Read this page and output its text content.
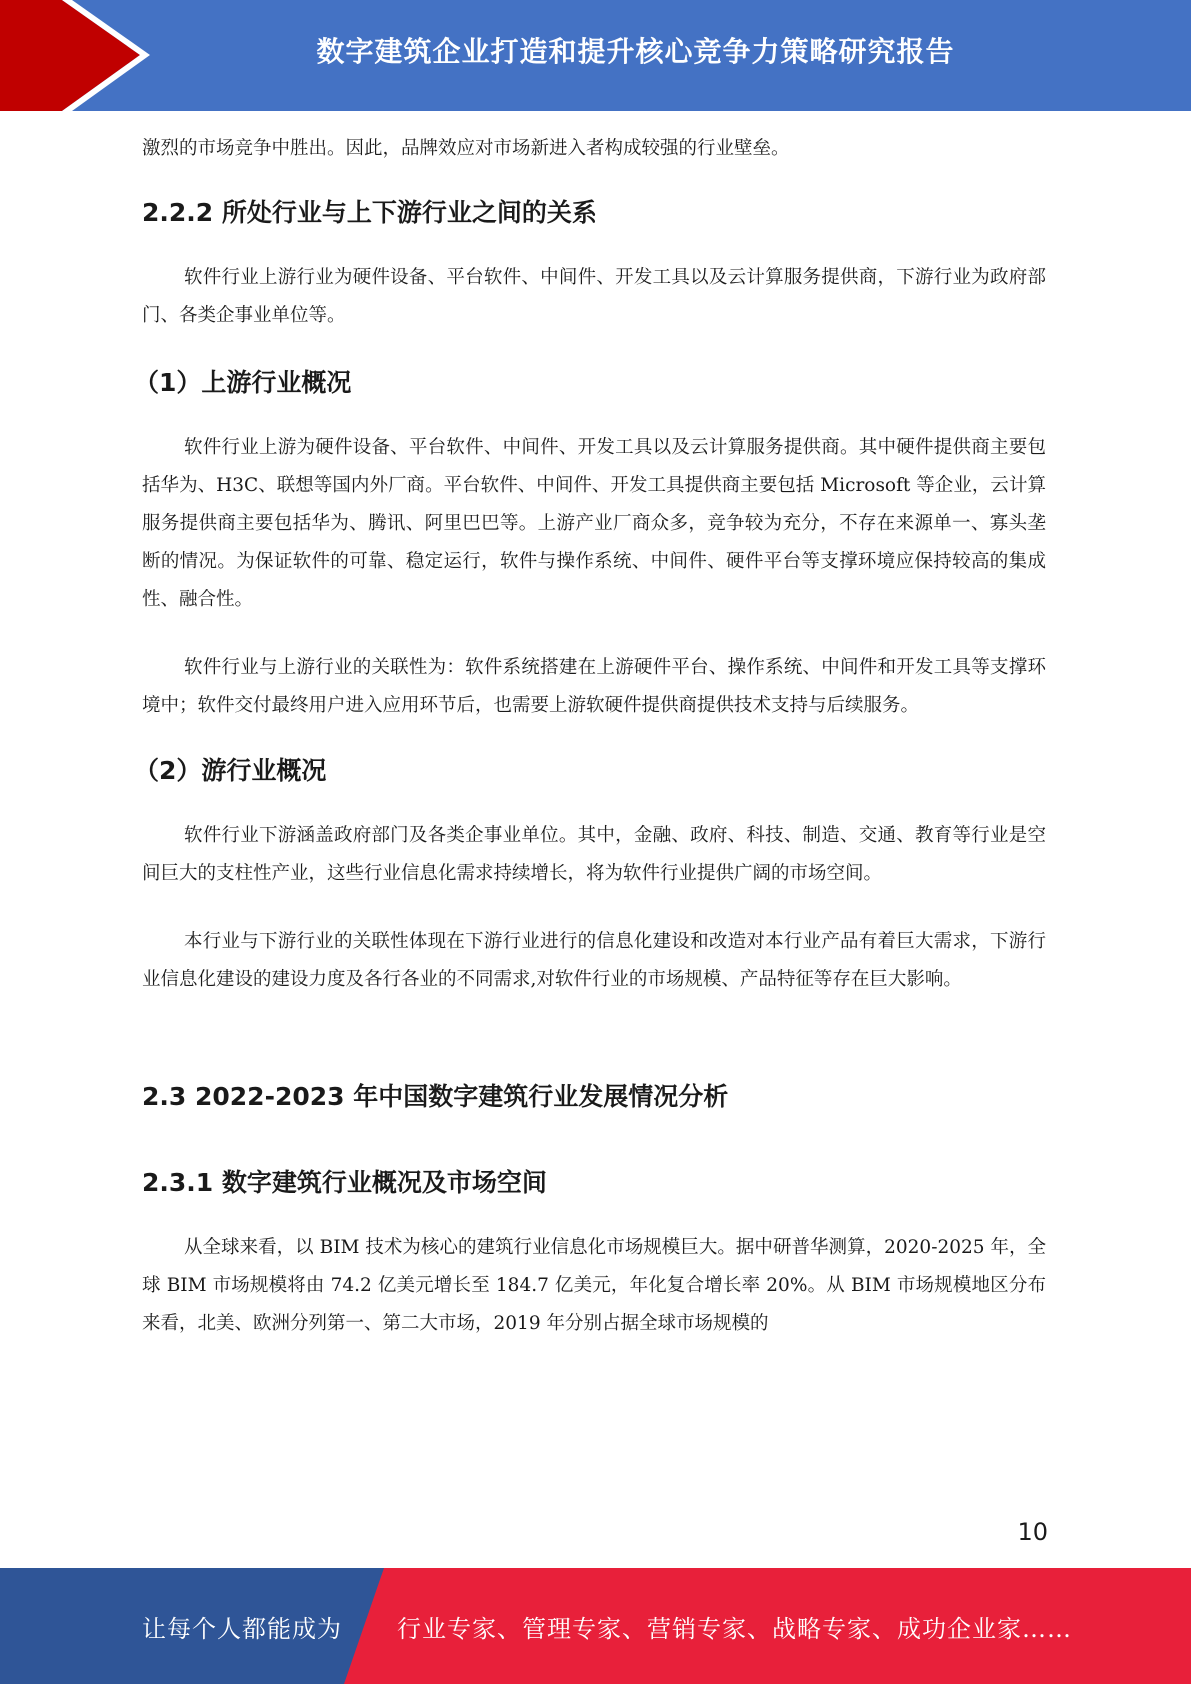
数字建筑企业打造和提升核心竞争力策略研究报告

激烈的市场竞争中胜出。因此，品牌效应对市场新进入者构成较强的行业壁垒。

2.2.2 所处行业与上下游行业之间的关系

软件行业上游行业为硬件设备、平台软件、中间件、开发工具以及云计算服务提供商，下游行业为政府部门、各类企事业单位等。

（1）上游行业概况

软件行业上游为硬件设备、平台软件、中间件、开发工具以及云计算服务提供商。其中硬件提供商主要包括华为、H3C、联想等国内外厂商。平台软件、中间件、开发工具提供商主要包括 Microsoft 等企业，云计算服务提供商主要包括华为、腾讯、阿里巴巴等。上游产业厂商众多，竞争较为充分，不存在来源单一、寡头垄断的情况。为保证软件的可靠、稳定运行，软件与操作系统、中间件、硬件平台等支撑环境应保持较高的集成性、融合性。

软件行业与上游行业的关联性为：软件系统搭建在上游硬件平台、操作系统、中间件和开发工具等支撑环境中；软件交付最终用户进入应用环节后，也需要上游软硬件提供商提供技术支持与后续服务。

（2）游行业概况

软件行业下游涵盖政府部门及各类企事业单位。其中，金融、政府、科技、制造、交通、教育等行业是空间巨大的支柱性产业，这些行业信息化需求持续增长，将为软件行业提供广阔的市场空间。

本行业与下游行业的关联性体现在下游行业进行的信息化建设和改造对本行业产品有着巨大需求，下游行业信息化建设的建设力度及各行各业的不同需求,对软件行业的市场规模、产品特征等存在巨大影响。

2.3 2022-2023 年中国数字建筑行业发展情况分析
2.3.1 数字建筑行业概况及市场空间

从全球来看，以 BIM 技术为核心的建筑行业信息化市场规模巨大。据中研普华测算，2020-2025 年，全球 BIM 市场规模将由 74.2 亿美元增长至 184.7 亿美元，年化复合增长率 20%。从 BIM 市场规模地区分布来看，北美、欧洲分列第一、第二大市场，2019 年分别占据全球市场规模的

10
让每个人都能成为 行业专家、管理专家、营销专家、战略专家、成功企业家……
